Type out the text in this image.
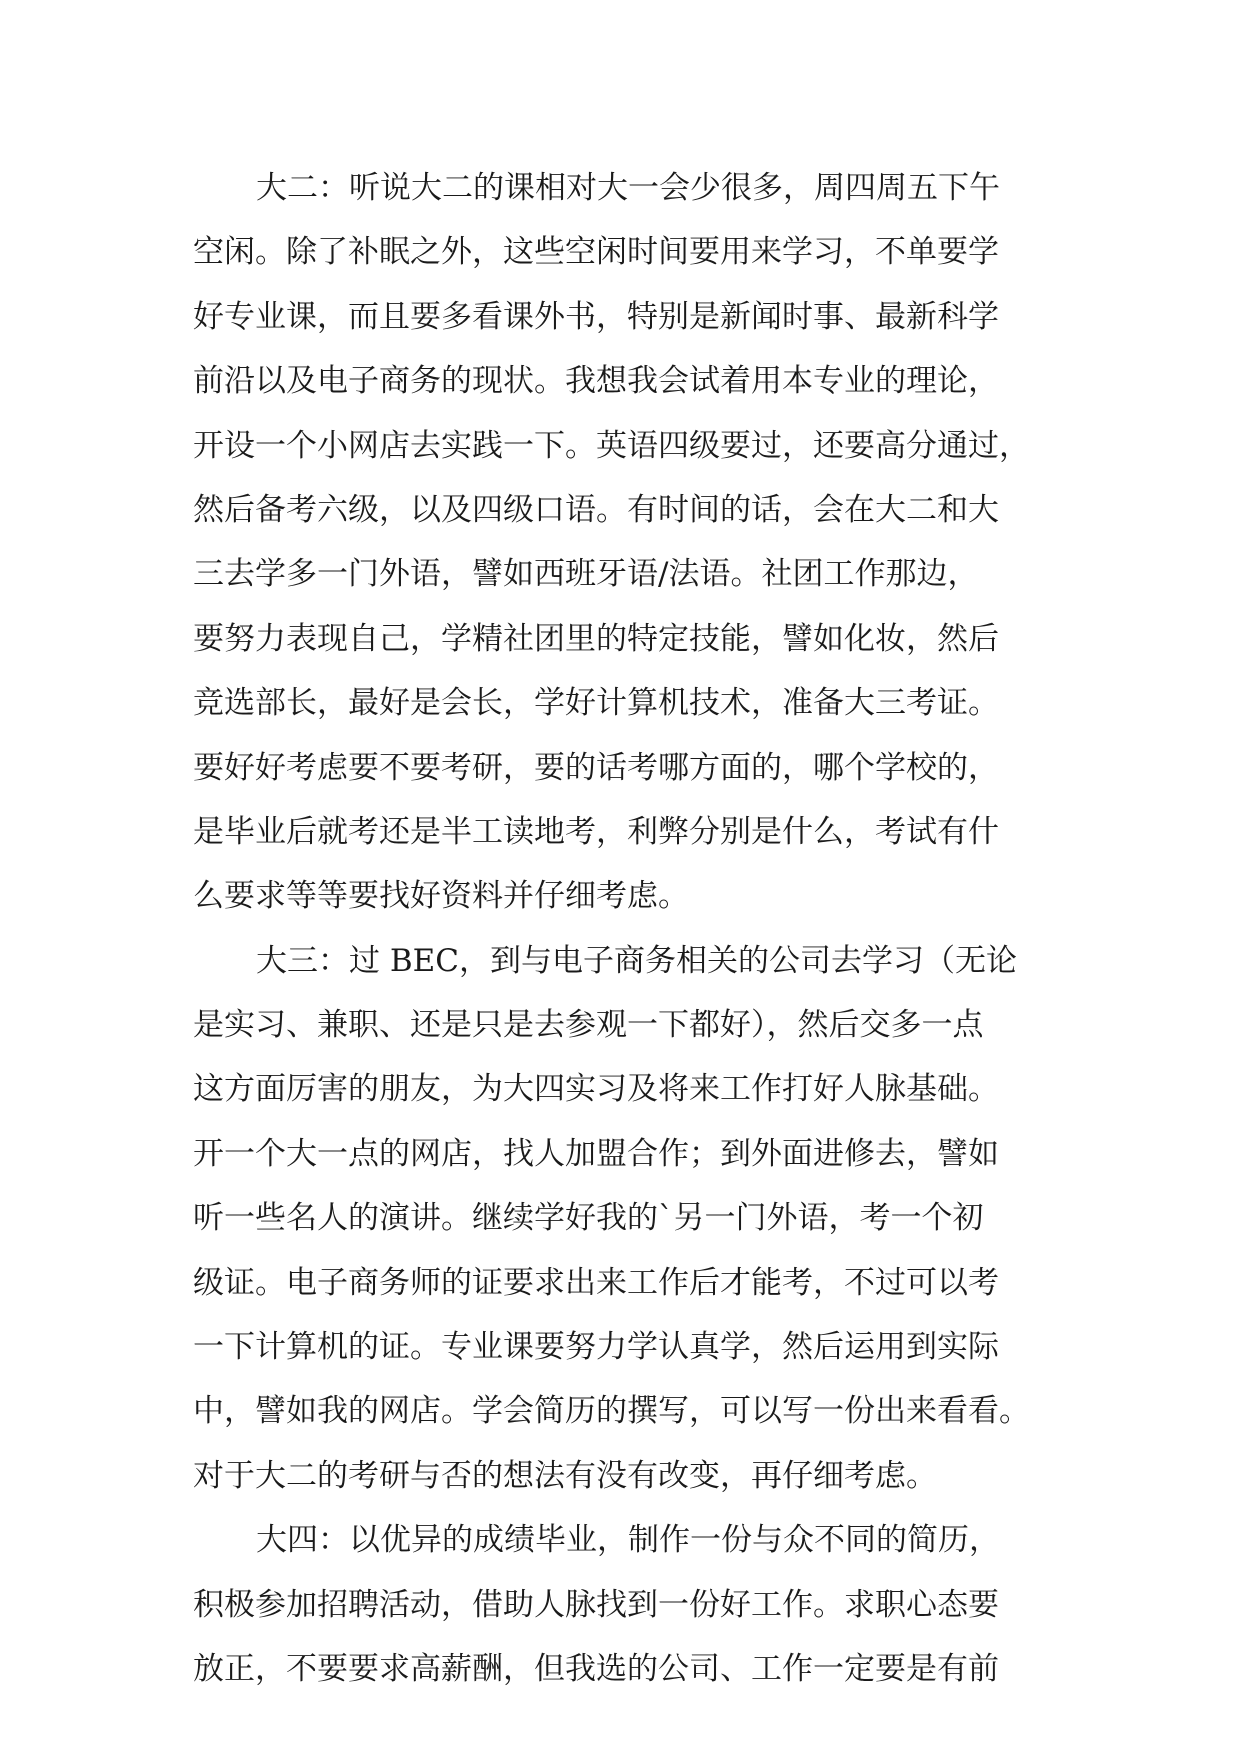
大二：听说大二的课相对大一会少很多，周四周五下午
空闲。除了补眠之外，这些空闲时间要用来学习，不单要学
好专业课，而且要多看课外书，特别是新闻时事、最新科学
前沿以及电子商务的现状。我想我会试着用本专业的理论，
开设一个小网店去实践一下。英语四级要过，还要高分通过，
然后备考六级，以及四级口语。有时间的话，会在大二和大
三去学多一门外语，譬如西班牙语/法语。社团工作那边，
要努力表现自己，学精社团里的特定技能，譬如化妆，然后
竞选部长，最好是会长，学好计算机技术，准备大三考证。
要好好考虑要不要考研，要的话考哪方面的，哪个学校的，
是毕业后就考还是半工读地考，利弊分别是什么，考试有什
么要求等等要找好资料并仔细考虑。
大三：过 BEC，到与电子商务相关的公司去学习（无论
是实习、兼职、还是只是去参观一下都好），然后交多一点
这方面厉害的朋友，为大四实习及将来工作打好人脉基础。
开一个大一点的网店，找人加盟合作；到外面进修去，譬如
听一些名人的演讲。继续学好我的`另一门外语，考一个初
级证。电子商务师的证要求出来工作后才能考，不过可以考
一下计算机的证。专业课要努力学认真学，然后运用到实际
中，譬如我的网店。学会简历的撰写，可以写一份出来看看。
对于大二的考研与否的想法有没有改变，再仔细考虑。
大四：以优异的成绩毕业，制作一份与众不同的简历，
积极参加招聘活动，借助人脉找到一份好工作。求职心态要
放正，不要要求高薪酬，但我选的公司、工作一定要是有前
